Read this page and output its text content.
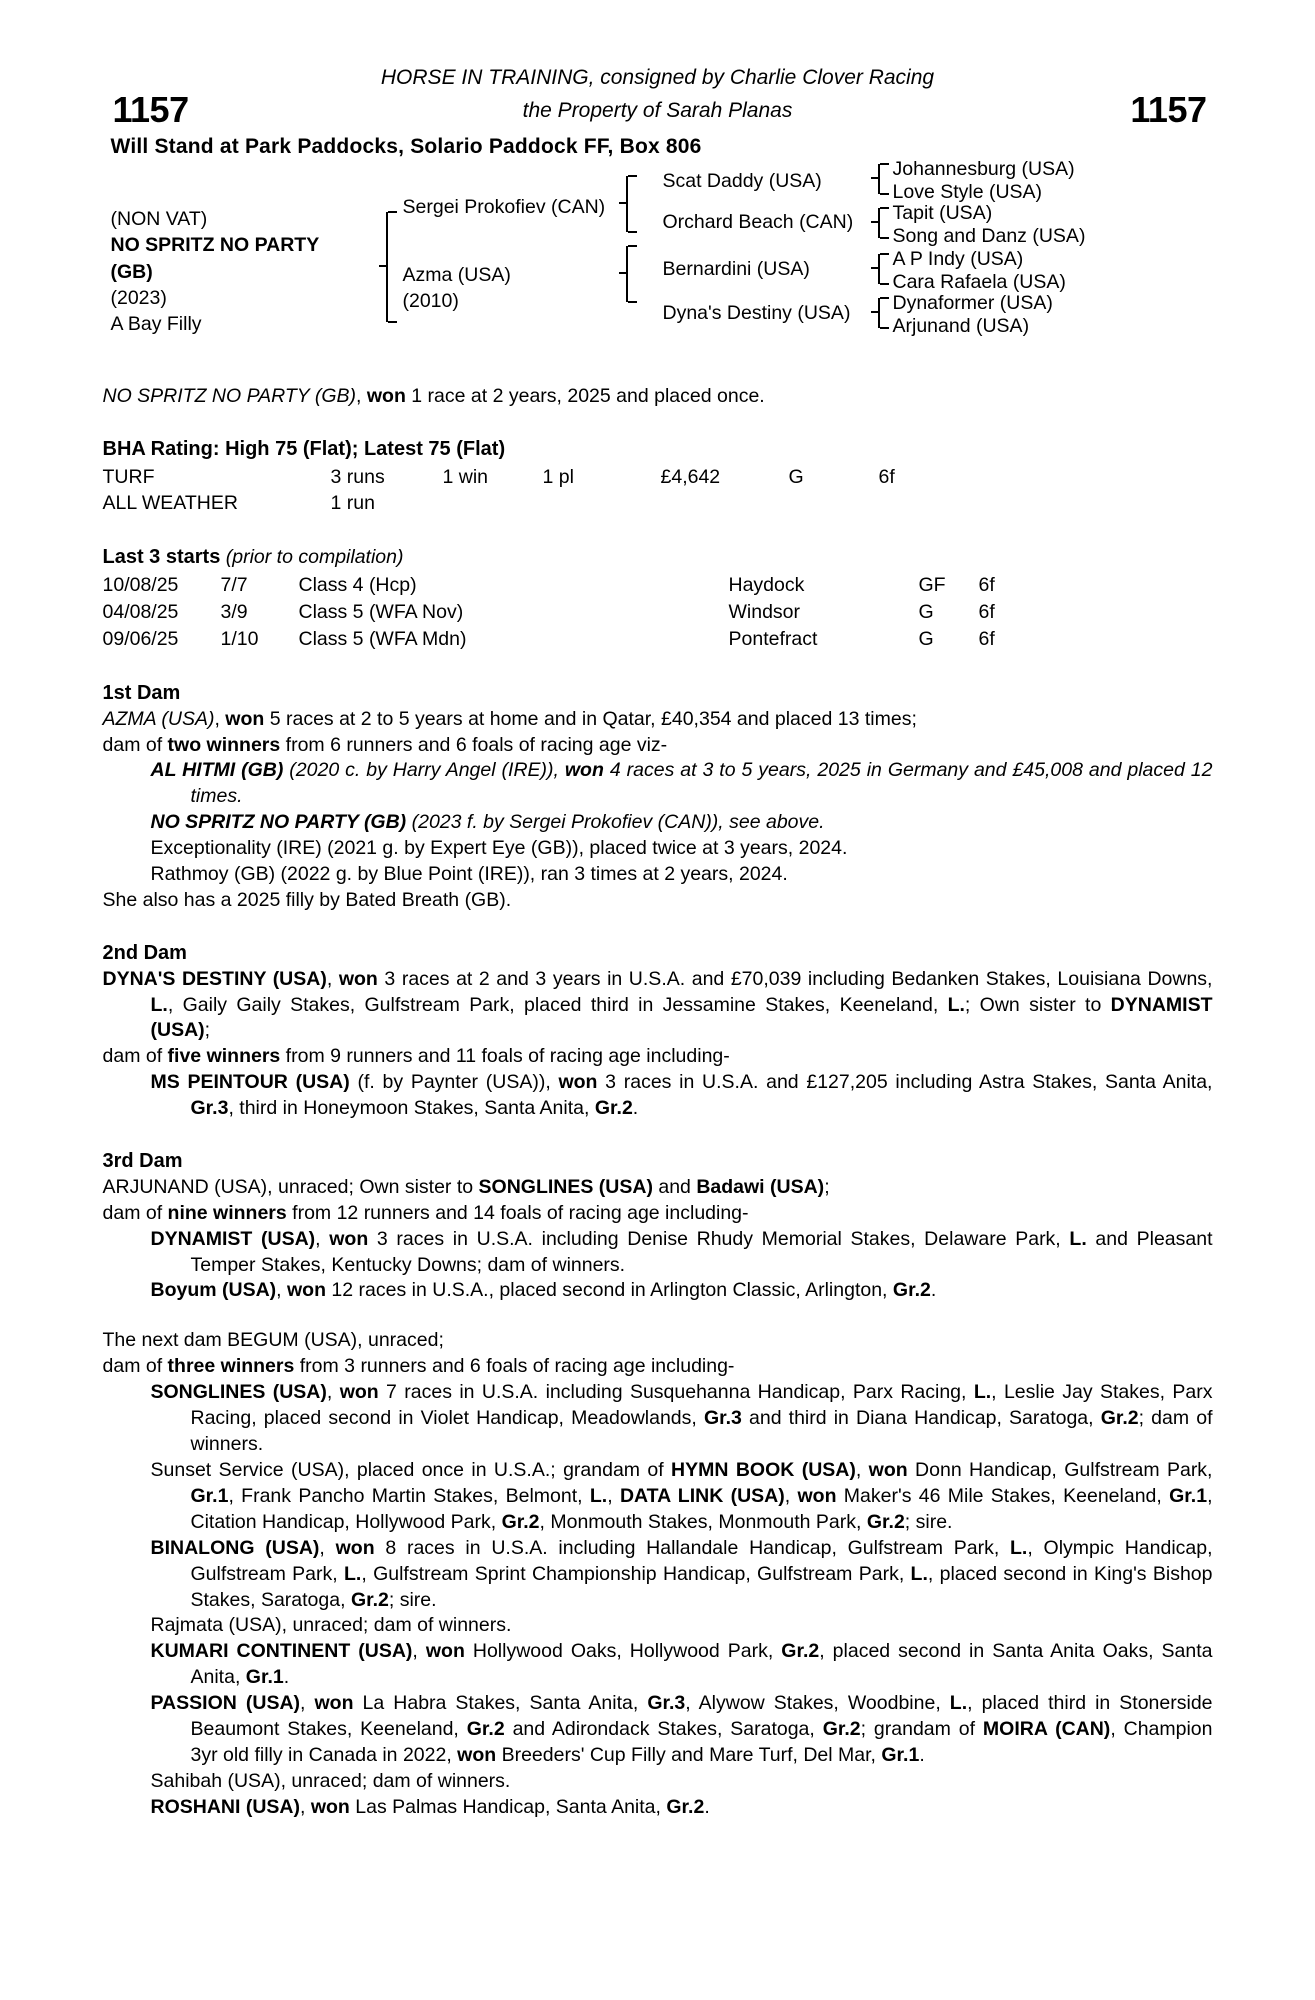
1157	1157
HORSE IN TRAINING, consigned by Charlie Clover Racing
the Property of Sarah Planas
Will Stand at Park Paddocks, Solario Paddock FF, Box 806
(NON VAT)
NO SPRITZ NO PARTY (GB)
(2023)
A Bay Filly
Sergei Prokofiev (CAN)
Azma (USA)
(2010)
Scat Daddy (USA)
Orchard Beach (CAN)
Bernardini (USA)
Dyna's Destiny (USA)
Johannesburg (USA)
Love Style (USA)
Tapit (USA)
Song and Danz (USA)
A P Indy (USA)
Cara Rafaela (USA)
Dynaformer (USA)
Arjunand (USA)

NO SPRITZ NO PARTY (GB), won 1 race at 2 years, 2025 and placed once.

BHA Rating: High 75 (Flat); Latest 75 (Flat)
TURF	3 runs	1 win	1 pl	£4,642	G	6f
ALL WEATHER	1 run					
Last 3 starts (prior to compilation)
10/08/25	7/7	Class 4 (Hcp)	Haydock	GF	6f
04/08/25	3/9	Class 5 (WFA Nov)	Windsor	G	6f
09/06/25	1/10	Class 5 (WFA Mdn)	Pontefract	G	6f
1st Dam

AZMA (USA), won 5 races at 2 to 5 years at home and in Qatar, £40,354 and placed 13 times;

dam of two winners from 6 runners and 6 foals of racing age viz-

AL HITMI (GB) (2020 c. by Harry Angel (IRE)), won 4 races at 3 to 5 years, 2025 in Germany and £45,008 and placed 12 times.

NO SPRITZ NO PARTY (GB) (2023 f. by Sergei Prokofiev (CAN)), see above.

Exceptionality (IRE) (2021 g. by Expert Eye (GB)), placed twice at 3 years, 2024.

Rathmoy (GB) (2022 g. by Blue Point (IRE)), ran 3 times at 2 years, 2024.

She also has a 2025 filly by Bated Breath (GB).

2nd Dam

DYNA'S DESTINY (USA), won 3 races at 2 and 3 years in U.S.A. and £70,039 including Bedanken Stakes, Louisiana Downs, L., Gaily Gaily Stakes, Gulfstream Park, placed third in Jessamine Stakes, Keeneland, L.; Own sister to DYNAMIST (USA);

dam of five winners from 9 runners and 11 foals of racing age including-

MS PEINTOUR (USA) (f. by Paynter (USA)), won 3 races in U.S.A. and £127,205 including Astra Stakes, Santa Anita, Gr.3, third in Honeymoon Stakes, Santa Anita, Gr.2.

3rd Dam

ARJUNAND (USA), unraced; Own sister to SONGLINES (USA) and Badawi (USA);

dam of nine winners from 12 runners and 14 foals of racing age including-

DYNAMIST (USA), won 3 races in U.S.A. including Denise Rhudy Memorial Stakes, Delaware Park, L. and Pleasant Temper Stakes, Kentucky Downs; dam of winners.

Boyum (USA), won 12 races in U.S.A., placed second in Arlington Classic, Arlington, Gr.2.

The next dam BEGUM (USA), unraced;

dam of three winners from 3 runners and 6 foals of racing age including-

SONGLINES (USA), won 7 races in U.S.A. including Susquehanna Handicap, Parx Racing, L., Leslie Jay Stakes, Parx Racing, placed second in Violet Handicap, Meadowlands, Gr.3 and third in Diana Handicap, Saratoga, Gr.2; dam of winners.

Sunset Service (USA), placed once in U.S.A.; grandam of HYMN BOOK (USA), won Donn Handicap, Gulfstream Park, Gr.1, Frank Pancho Martin Stakes, Belmont, L., DATA LINK (USA), won Maker's 46 Mile Stakes, Keeneland, Gr.1, Citation Handicap, Hollywood Park, Gr.2, Monmouth Stakes, Monmouth Park, Gr.2; sire.

BINALONG (USA), won 8 races in U.S.A. including Hallandale Handicap, Gulfstream Park, L., Olympic Handicap, Gulfstream Park, L., Gulfstream Sprint Championship Handicap, Gulfstream Park, L., placed second in King's Bishop Stakes, Saratoga, Gr.2; sire.

Rajmata (USA), unraced; dam of winners.

KUMARI CONTINENT (USA), won Hollywood Oaks, Hollywood Park, Gr.2, placed second in Santa Anita Oaks, Santa Anita, Gr.1.

PASSION (USA), won La Habra Stakes, Santa Anita, Gr.3, Alywow Stakes, Woodbine, L., placed third in Stonerside Beaumont Stakes, Keeneland, Gr.2 and Adirondack Stakes, Saratoga, Gr.2; grandam of MOIRA (CAN), Champion 3yr old filly in Canada in 2022, won Breeders' Cup Filly and Mare Turf, Del Mar, Gr.1.

Sahibah (USA), unraced; dam of winners.

ROSHANI (USA), won Las Palmas Handicap, Santa Anita, Gr.2.
